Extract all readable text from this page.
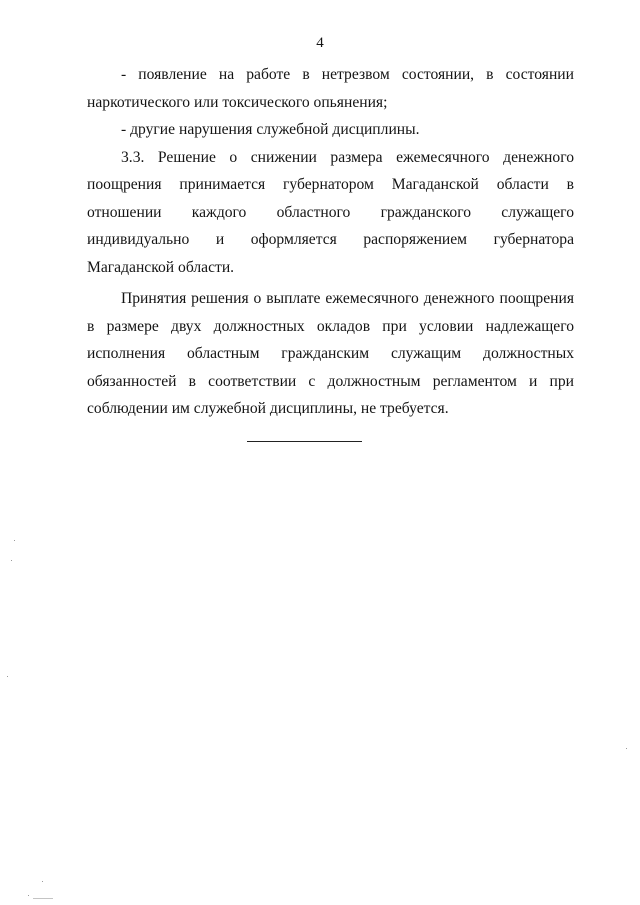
4

- появление на работе в нетрезвом состоянии, в состоянии наркотического или токсического опьянения;

- другие нарушения служебной дисциплины.

3.3. Решение о снижении размера ежемесячного денежного поощрения принимается губернатором Магаданской области в отношении каждого областного гражданского служащего индивидуально и оформляется распоряжением губернатора Магаданской области.

Принятия решения о выплате ежемесячного денежного поощрения в размере двух должностных окладов при условии надлежащего исполнения областным гражданским служащим должностных обязанностей в соответствии с должностным регламентом и при соблюдении им служебной дисциплины, не требуется.
